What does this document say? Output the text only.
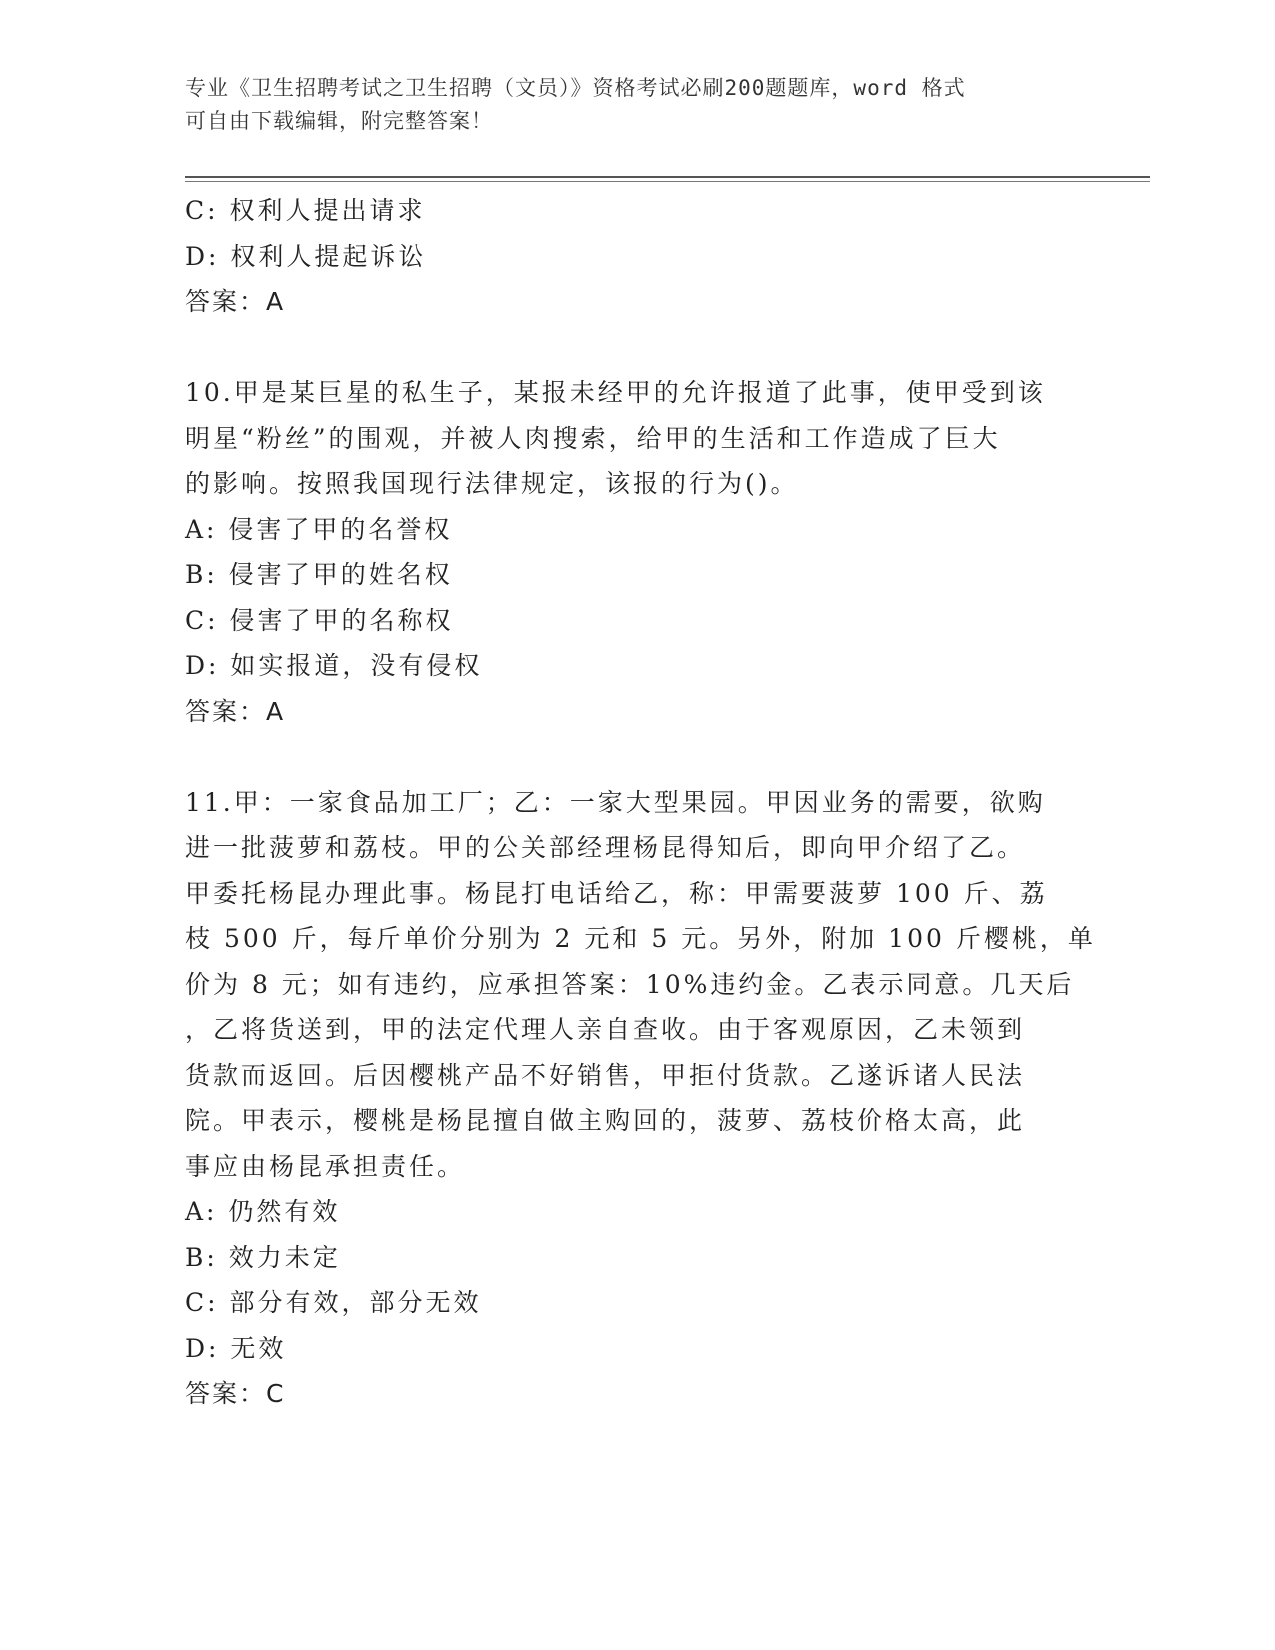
专业《卫生招聘考试之卫生招聘（文员）》资格考试必刷200题题库，word 格式
可自由下载编辑，附完整答案！
C: 权利人提出请求
D: 权利人提起诉讼
答案：A
10.甲是某巨星的私生子，某报未经甲的允许报道了此事，使甲受到该
明星“粉丝”的围观，并被人肉搜索，给甲的生活和工作造成了巨大
的影响。按照我国现行法律规定，该报的行为()。
A: 侵害了甲的名誉权
B: 侵害了甲的姓名权
C: 侵害了甲的名称权
D: 如实报道，没有侵权
答案：A
11.甲：一家食品加工厂；乙：一家大型果园。甲因业务的需要，欲购
进一批菠萝和荔枝。甲的公关部经理杨昆得知后，即向甲介绍了乙。
甲委托杨昆办理此事。杨昆打电话给乙，称：甲需要菠萝 100 斤、荔
枝 500 斤，每斤单价分别为 2 元和 5 元。另外，附加 100 斤樱桃，单
价为 8 元；如有违约，应承担答案：10%违约金。乙表示同意。几天后
，乙将货送到，甲的法定代理人亲自查收。由于客观原因，乙未领到
货款而返回。后因樱桃产品不好销售，甲拒付货款。乙遂诉诸人民法
院。甲表示，樱桃是杨昆擅自做主购回的，菠萝、荔枝价格太高，此
事应由杨昆承担责任。
A: 仍然有效
B: 效力未定
C: 部分有效，部分无效
D: 无效
答案：C
